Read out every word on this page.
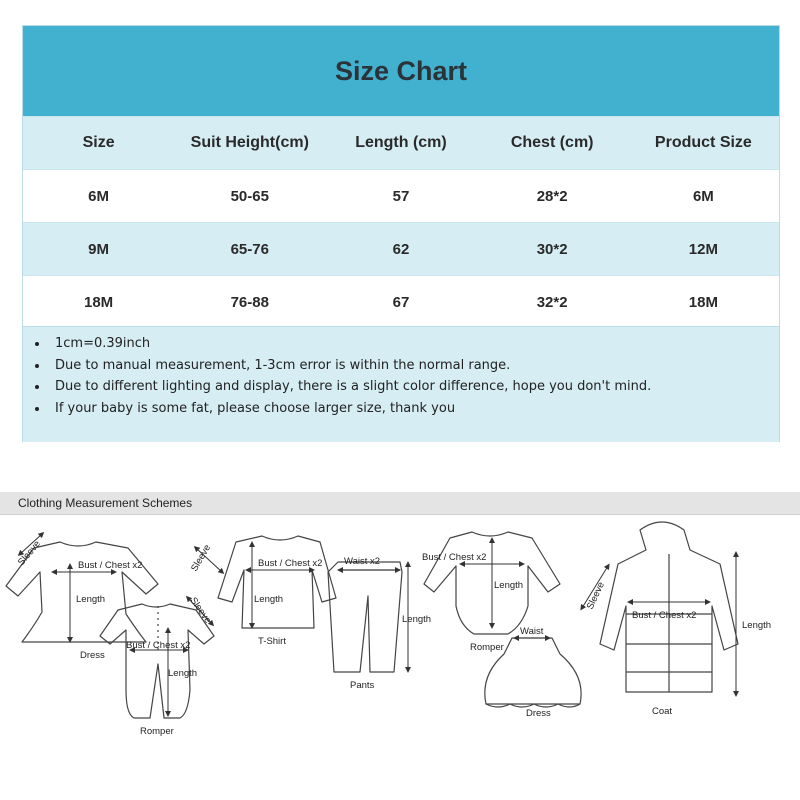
Size Chart
Size	Suit Height(cm)	Length (cm)	Chest (cm)	Product Size
6M	50-65	57	28*2	6M
9M	65-76	62	30*2	12M
18M	76-88	67	32*2	18M
1cm=0.39inch
Due to manual measurement, 1-3cm error is within the normal range.
Due to different lighting and display, there is a slight color difference, hope you don't mind.
If your baby is some fat, please choose larger size, thank you
Clothing Measurement Schemes
Sleeve	Bust / Chest x2
Length
Dress
Bust / Chest x2
Length
Sleeve
Romper
Sleeve	Bust / Chest x2
Length
T-Shirt
Waist x2
Length
Pants
Bust / Chest x2
Length
Romper
Waist
Dress
Sleeve
Bust / Chest x2
Length
Coat
